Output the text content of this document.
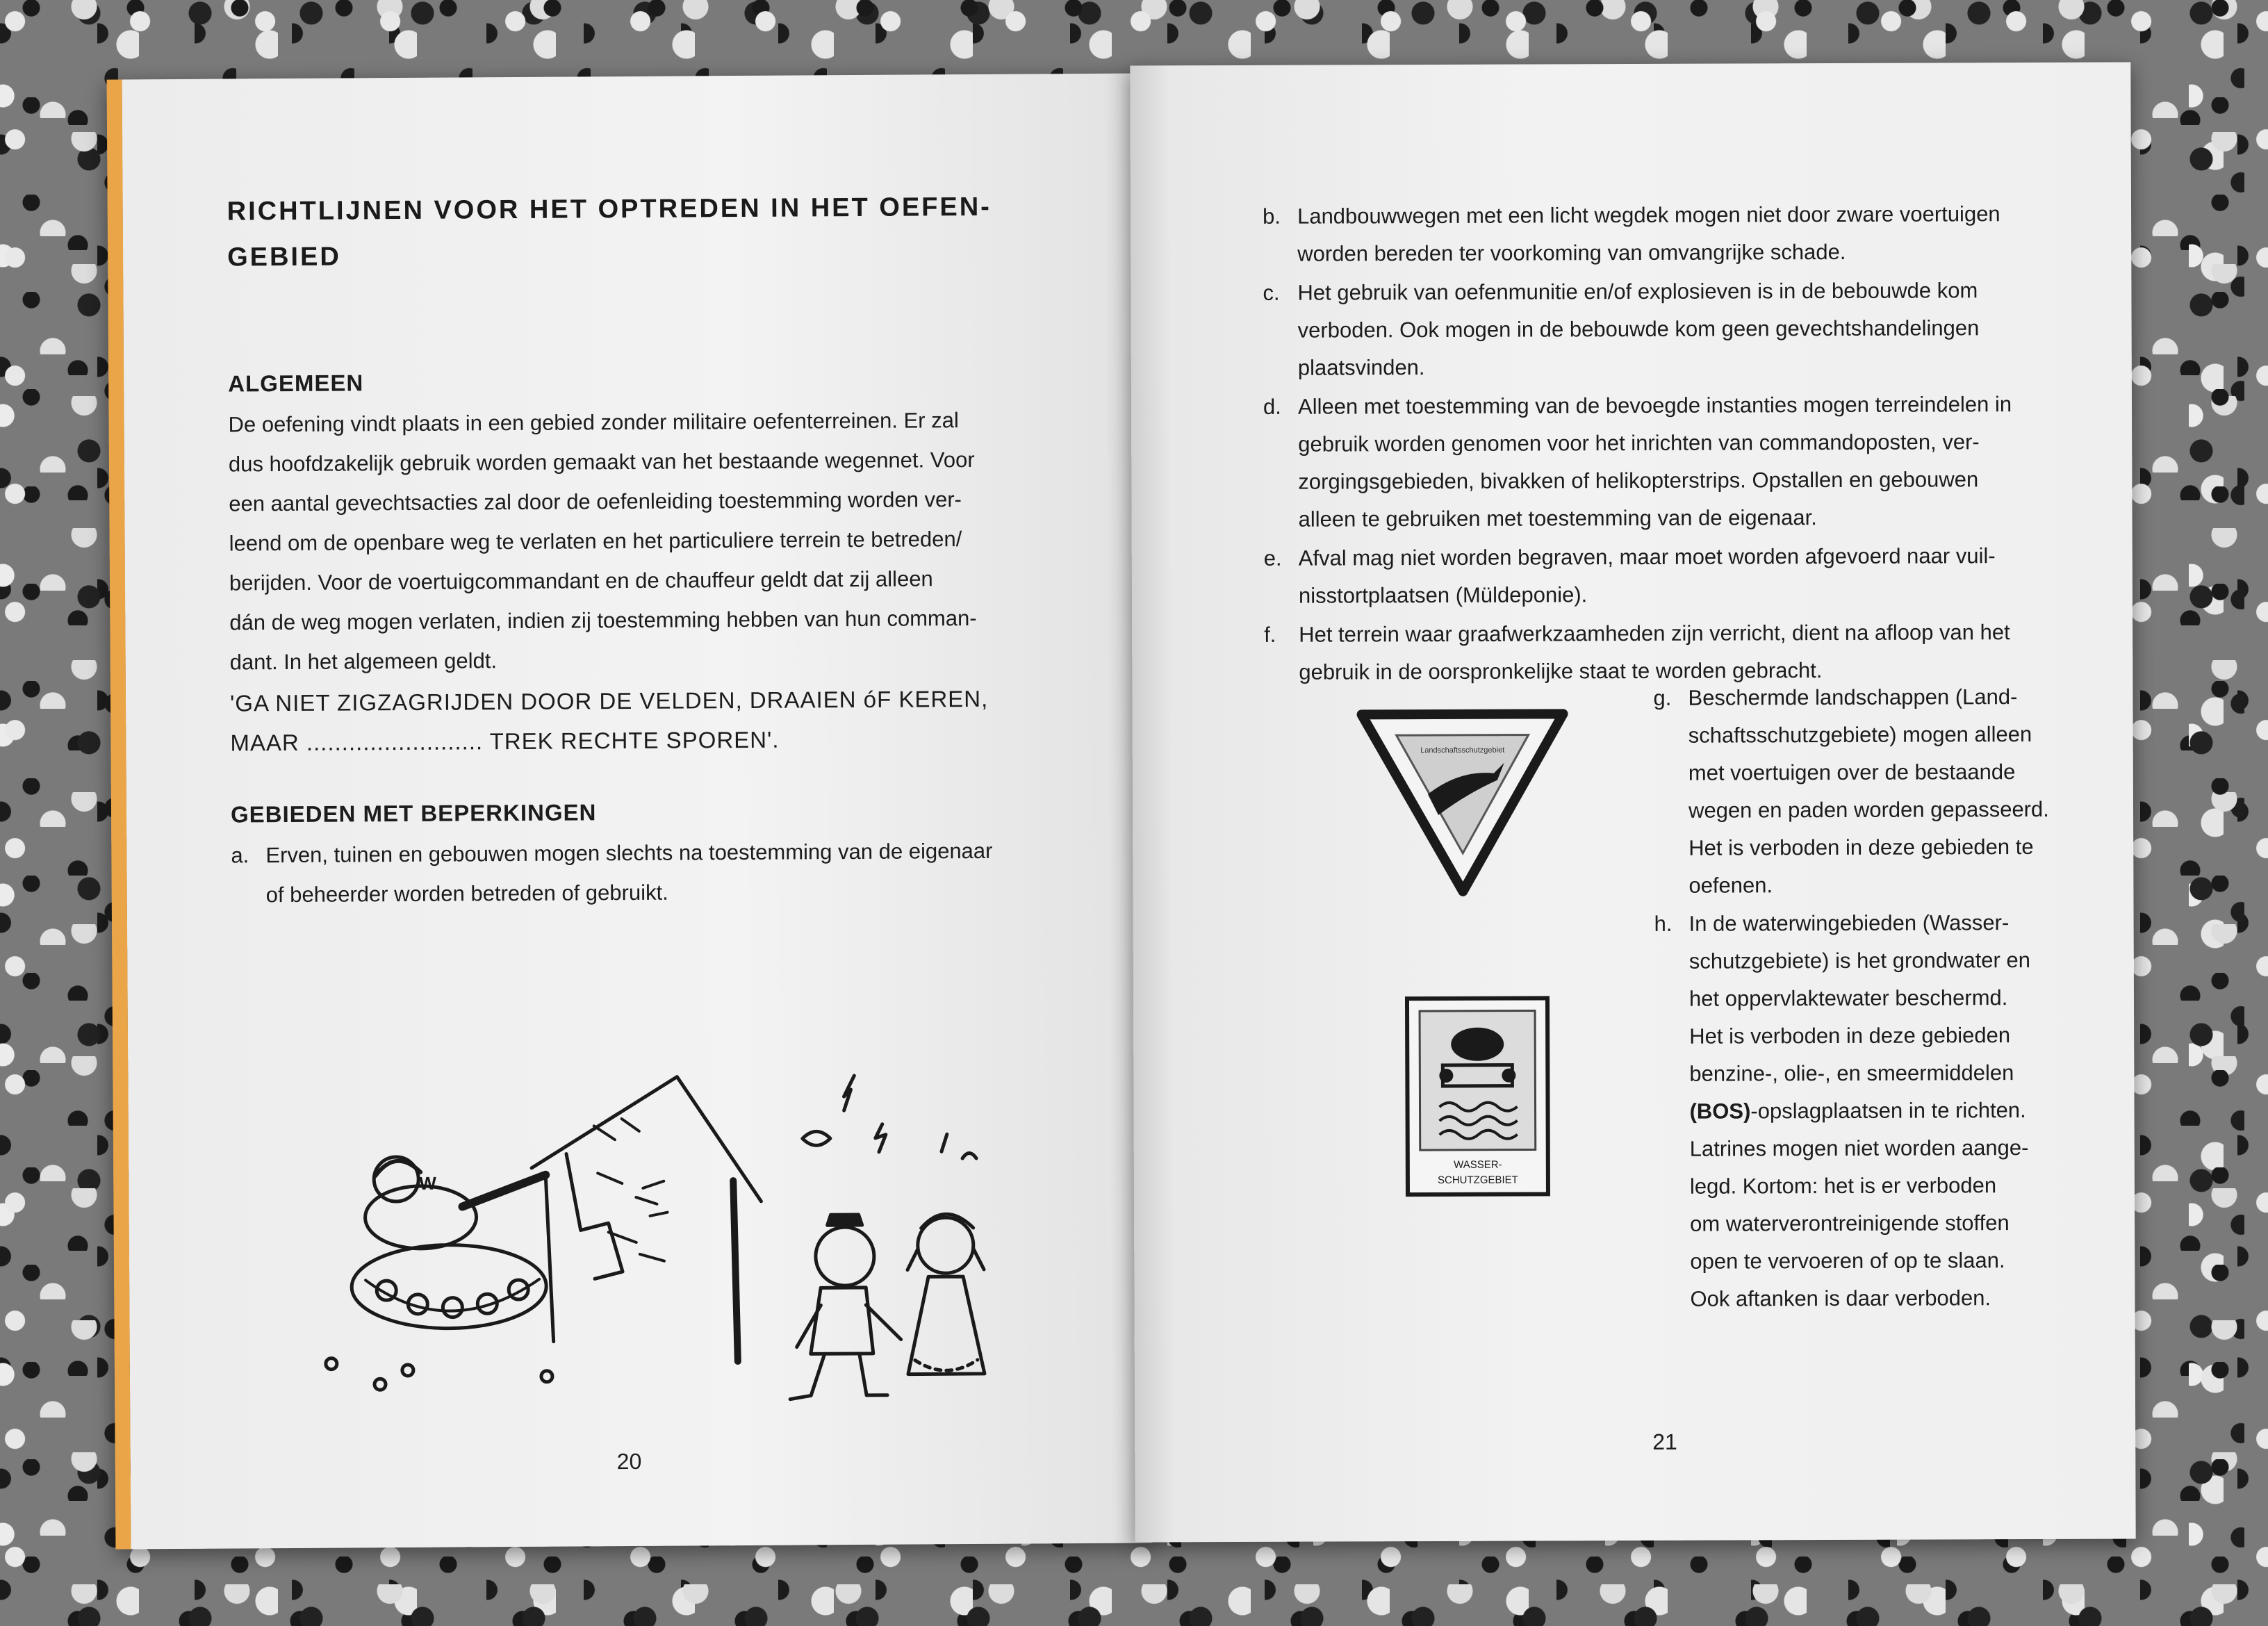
RICHTLIJNEN VOOR HET OPTREDEN IN HET OEFEN-
GEBIED
ALGEMEEN
De oefening vindt plaats in een gebied zonder militaire oefenterreinen. Er zal
dus hoofdzakelijk gebruik worden gemaakt van het bestaande wegennet. Voor
een aantal gevechtsacties zal door de oefenleiding toestemming worden ver-
leend om de openbare weg te verlaten en het particuliere terrein te betreden/
berijden. Voor de voertuigcommandant en de chauffeur geldt dat zij alleen
dán de weg mogen verlaten, indien zij toestemming hebben van hun comman-
dant. In het algemeen geldt.
'GA NIET ZIGZAGRIJDEN DOOR DE VELDEN, DRAAIEN óF KEREN,
MAAR ......................... TREK RECHTE SPOREN'.
GEBIEDEN MET BEPERKINGEN
a. Erven, tuinen en gebouwen mogen slechts na toestemming van de eigenaar
of beheerder worden betreden of gebruikt.
W
20
b. Landbouwwegen met een licht wegdek mogen niet door zware voertuigen
worden bereden ter voorkoming van omvangrijke schade.
c. Het gebruik van oefenmunitie en/of explosieven is in de bebouwde kom
verboden. Ook mogen in de bebouwde kom geen gevechtshandelingen
plaatsvinden.
d. Alleen met toestemming van de bevoegde instanties mogen terreindelen in
gebruik worden genomen voor het inrichten van commandoposten, ver-
zorgingsgebieden, bivakken of helikopterstrips. Opstallen en gebouwen
alleen te gebruiken met toestemming van de eigenaar.
e. Afval mag niet worden begraven, maar moet worden afgevoerd naar vuil-
nisstortplaatsen (Müldeponie).
f. Het terrein waar graafwerkzaamheden zijn verricht, dient na afloop van het
gebruik in de oorspronkelijke staat te worden gebracht.
Landschaftsschutzgebiet
WASSER-
SCHUTZGEBIET
g. Beschermde landschappen (Land-
schaftsschutzgebiete) mogen alleen
met voertuigen over de bestaande
wegen en paden worden gepasseerd.
Het is verboden in deze gebieden te
oefenen.
h. In de waterwingebieden (Wasser-
schutzgebiete) is het grondwater en
het oppervlaktewater beschermd.
Het is verboden in deze gebieden
benzine-, olie-, en smeermiddelen
(BOS)-opslagplaatsen in te richten.
Latrines mogen niet worden aange-
legd. Kortom: het is er verboden
om waterverontreinigende stoffen
open te vervoeren of op te slaan.
Ook aftanken is daar verboden.
21
